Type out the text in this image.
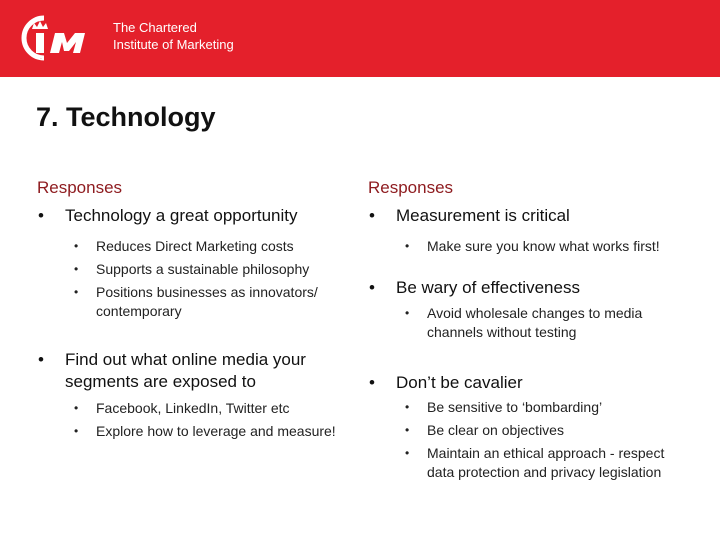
CIM
The Chartered
Institute of Marketing
7. Technology
Responses
• Technology a great opportunity
• Reduces Direct Marketing costs
• Supports a sustainable philosophy
• Positions businesses as innovators/ contemporary
• Find out what online media your segments are exposed to
• Facebook, LinkedIn, Twitter etc
• Explore how to leverage and measure!
Responses
• Measurement is critical
• Make sure you know what works first!
• Be wary of effectiveness
• Avoid wholesale changes to media channels without testing
• Don’t be cavalier
• Be sensitive to ‘bombarding’
• Be clear on objectives
• Maintain an ethical approach - respect data protection and privacy legislation
